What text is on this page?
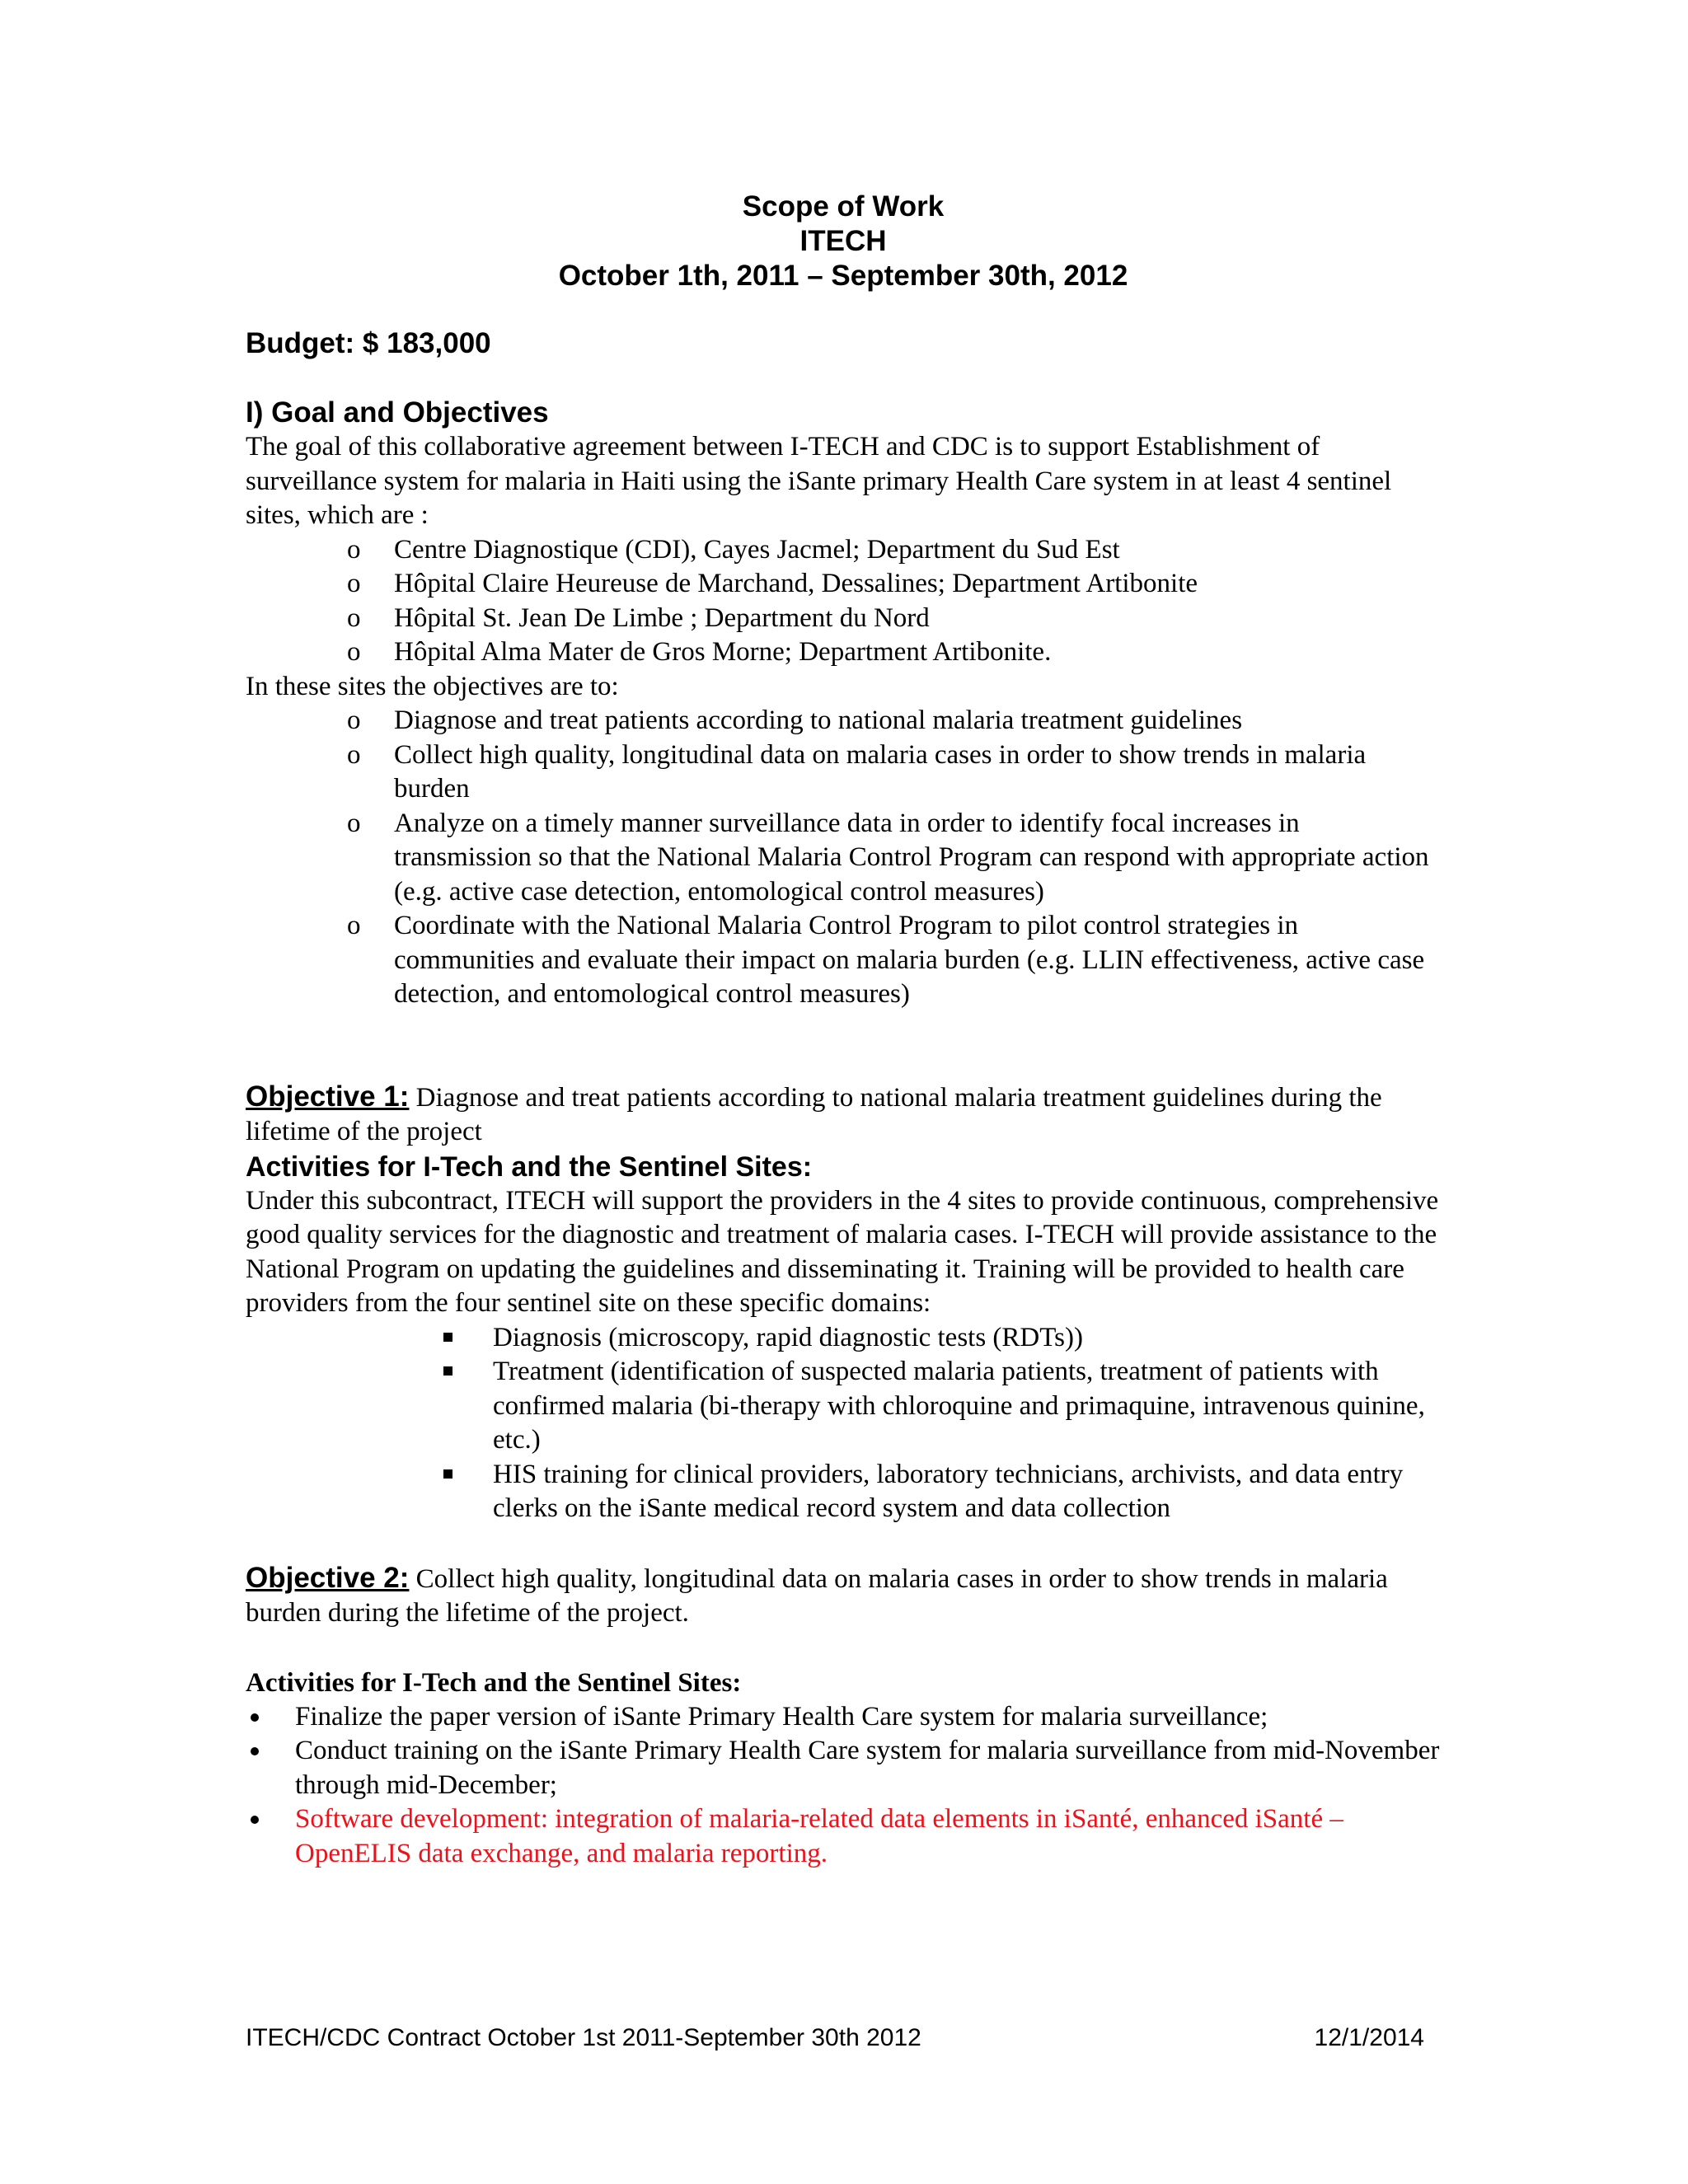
Scope of Work
ITECH
October 1th, 2011 – September 30th, 2012
Budget: $ 183,000
I) Goal and Objectives

The goal of this collaborative agreement between I-TECH and CDC is to support Establishment of surveillance system for malaria in Haiti using the iSante primary Health Care system in at least 4 sentinel sites, which are :

o Centre Diagnostique (CDI), Cayes Jacmel; Department du Sud Est
o Hôpital Claire Heureuse de Marchand, Dessalines; Department Artibonite
o Hôpital St. Jean De Limbe ; Department du Nord
o Hôpital Alma Mater de Gros Morne; Department Artibonite.

In these sites the objectives are to:

o Diagnose and treat patients according to national malaria treatment guidelines
o Collect high quality, longitudinal data on malaria cases in order to show trends in malaria burden
o Analyze on a timely manner surveillance data in order to identify focal increases in transmission so that the National Malaria Control Program can respond with appropriate action (e.g. active case detection, entomological control measures)
o Coordinate with the National Malaria Control Program to pilot control strategies in communities and evaluate their impact on malaria burden (e.g. LLIN effectiveness, active case detection, and entomological control measures)

Objective 1: Diagnose and treat patients according to national malaria treatment guidelines during the lifetime of the project

Activities for I-Tech and the Sentinel Sites:

Under this subcontract, ITECH will support the providers in the 4 sites to provide continuous, comprehensive good quality services for the diagnostic and treatment of malaria cases. I-TECH will provide assistance to the National Program on updating the guidelines and disseminating it. Training will be provided to health care providers from the four sentinel site on these specific domains:

Diagnosis (microscopy, rapid diagnostic tests (RDTs))
Treatment (identification of suspected malaria patients, treatment of patients with confirmed malaria (bi-therapy with chloroquine and primaquine, intravenous quinine, etc.)
HIS training for clinical providers, laboratory technicians, archivists, and data entry clerks on the iSante medical record system and data collection

Objective 2: Collect high quality, longitudinal data on malaria cases in order to show trends in malaria burden during the lifetime of the project.

Activities for I-Tech and the Sentinel Sites:
Finalize the paper version of iSante Primary Health Care system for malaria surveillance;
Conduct training on the iSante Primary Health Care system for malaria surveillance from mid-November through mid-December;
Software development: integration of malaria-related data elements in iSanté, enhanced iSanté – OpenELIS data exchange, and malaria reporting.
ITECH/CDC Contract October 1st 2011-September 30th 2012	12/1/2014
